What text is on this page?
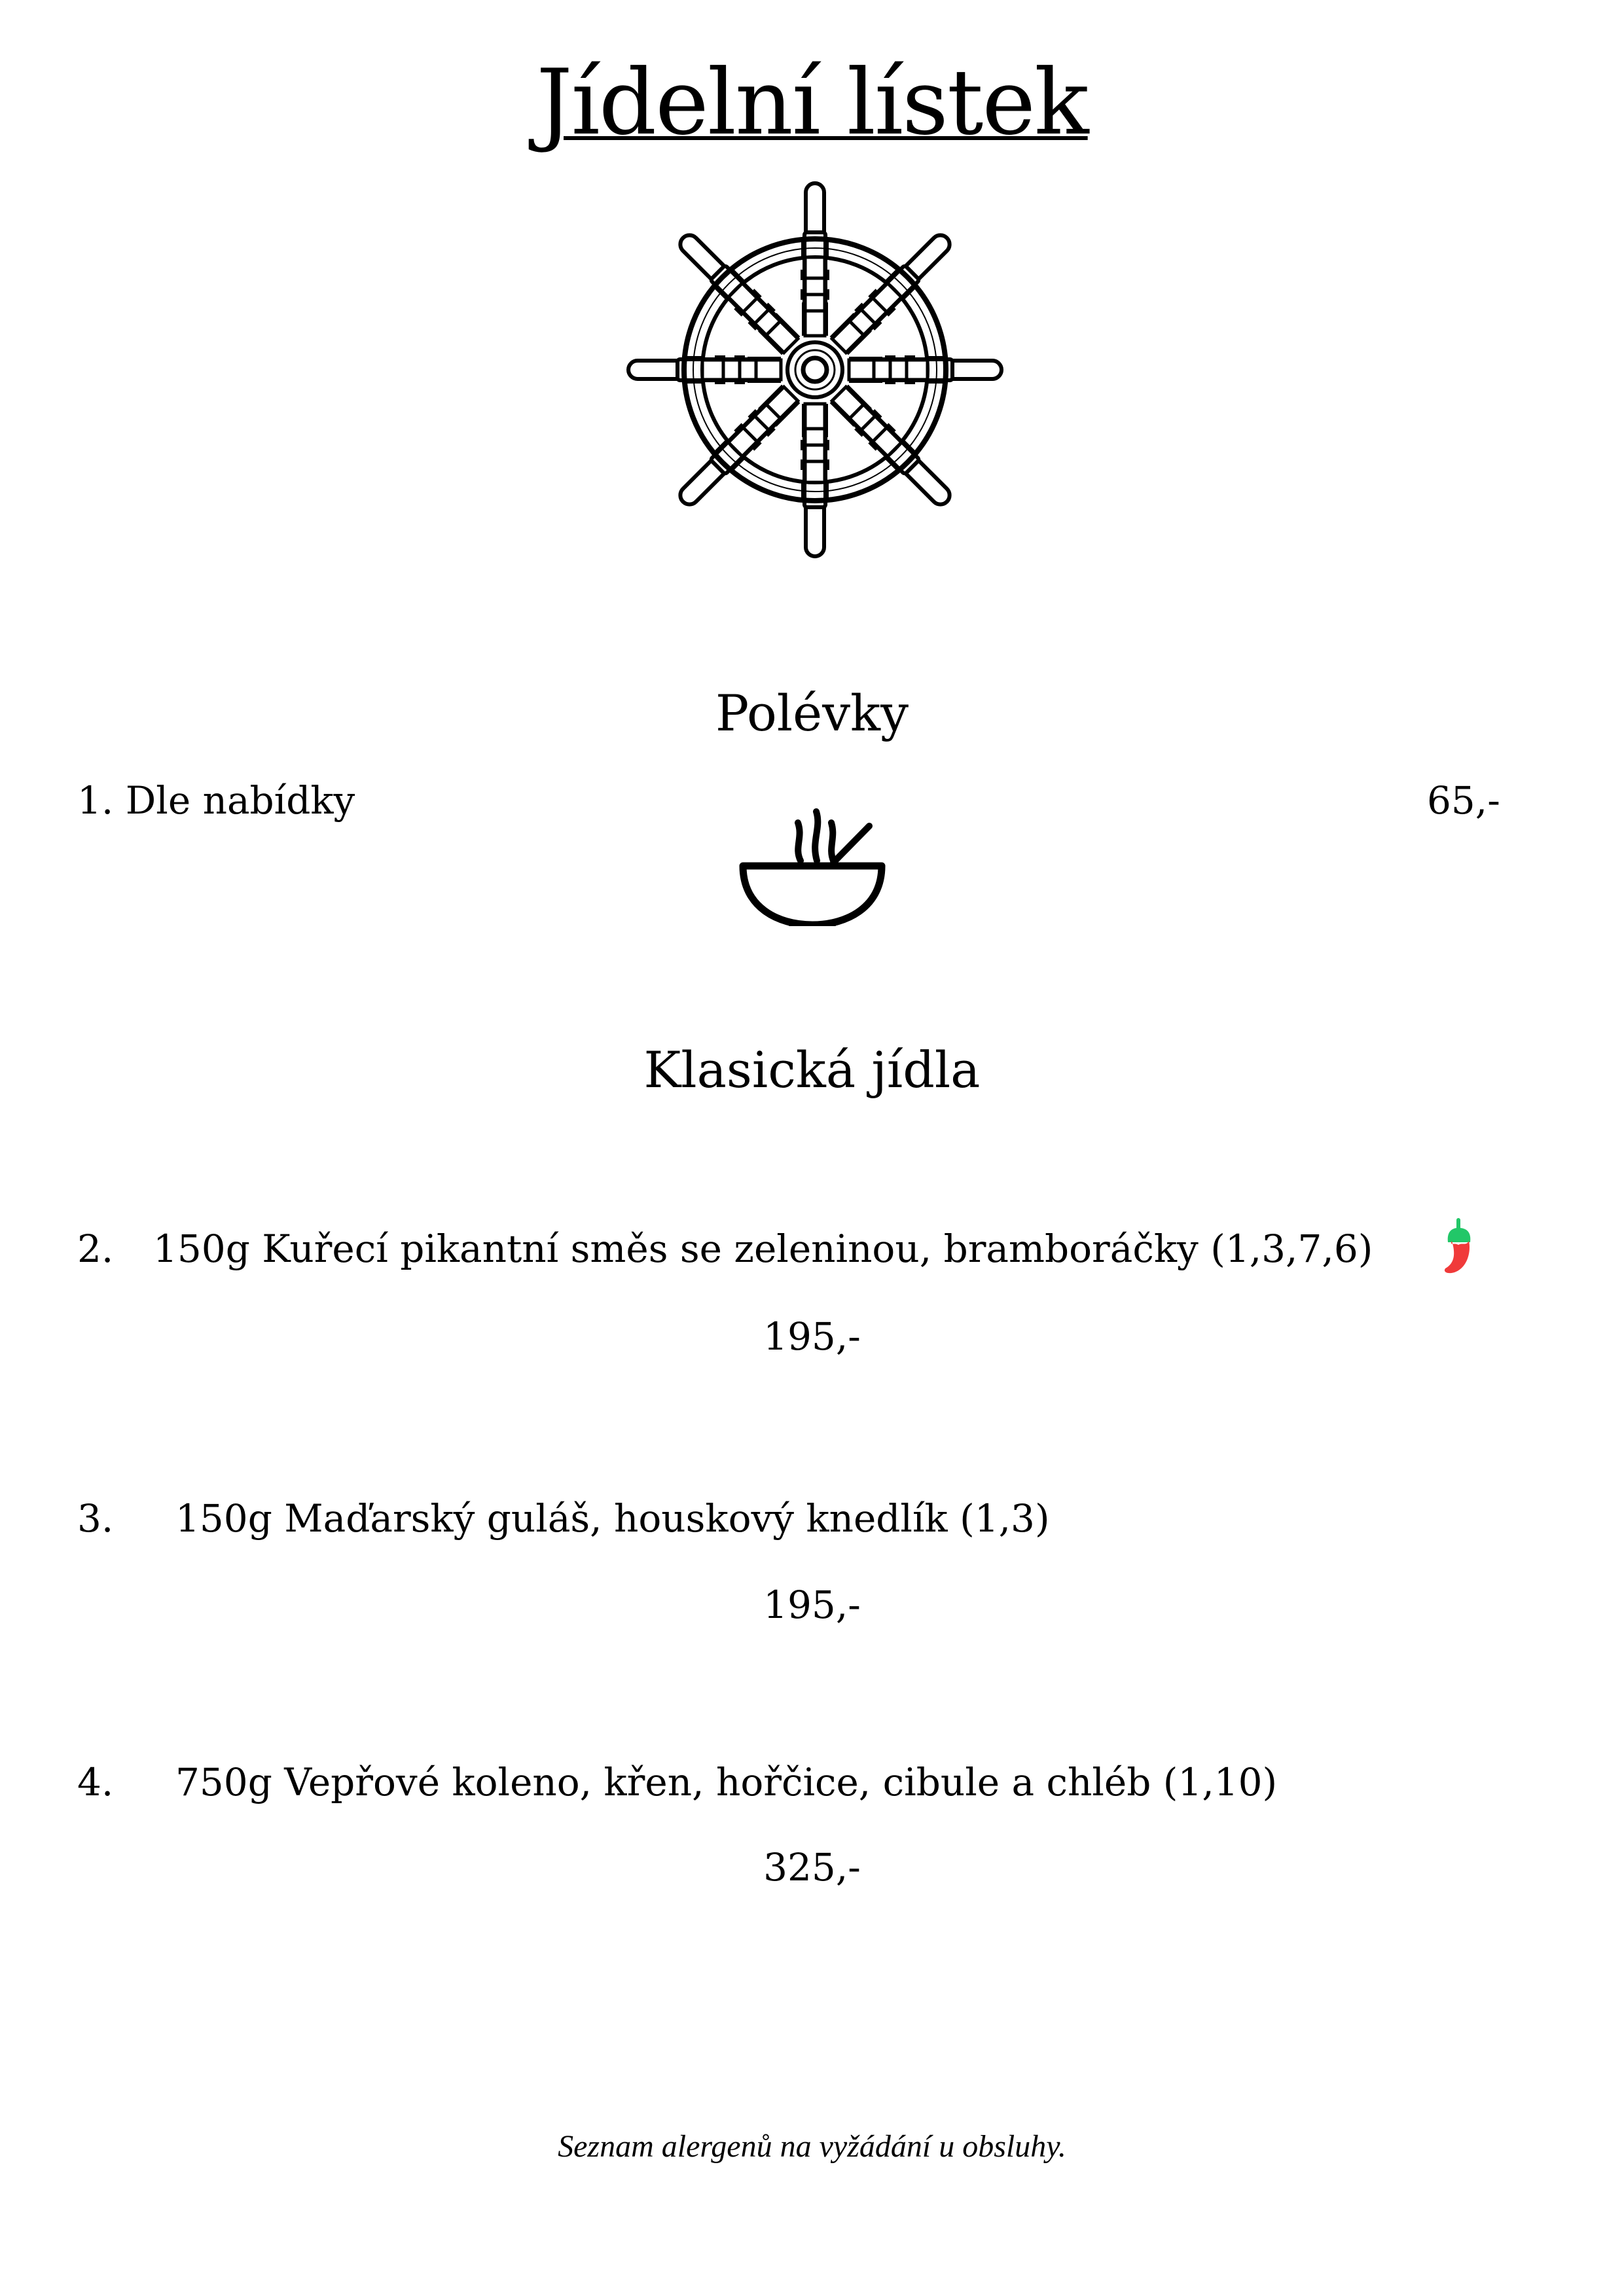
Jídelní lístek
Polévky
1. Dle nabídky	65,-
Klasická jídla
2. 150g Kuřecí pikantní směs se zeleninou, bramboráčky (1,3,7,6)
195,-
3. 150g Maďarský guláš, houskový knedlík (1,3)
195,-
4. 750g Vepřové koleno, křen, hořčice, cibule a chléb (1,10)
325,-
Seznam alergenů na vyžádání u obsluhy.
